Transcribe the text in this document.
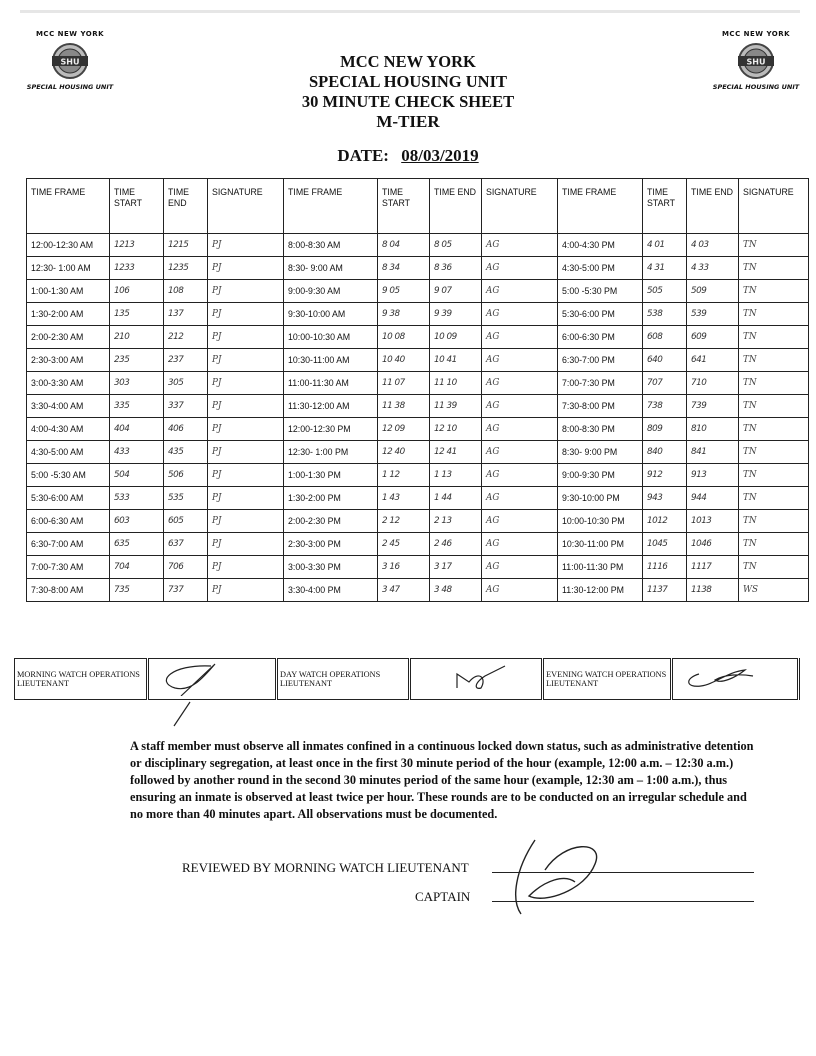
MCC NEW YORK
SHU
SPECIAL HOUSING UNIT
MCC NEW YORK
SHU
SPECIAL HOUSING UNIT
MCC NEW YORK
SPECIAL HOUSING UNIT
30 MINUTE CHECK SHEET
M-TIER
DATE: 08/03/2019
TIME FRAME	TIME START	TIME END	SIGNATURE	TIME FRAME	TIME START	TIME END	SIGNATURE	TIME FRAME	TIME START	TIME END	SIGNATURE
12:00-12:30 AM	1213	1215	PJ	8:00-8:30 AM	8 04	8 05	AG	4:00-4:30 PM	4 01	4 03	TN
12:30- 1:00 AM	1233	1235	PJ	8:30- 9:00 AM	8 34	8 36	AG	4:30-5:00 PM	4 31	4 33	TN
1:00-1:30 AM	106	108	PJ	9:00-9:30 AM	9 05	9 07	AG	5:00 -5:30 PM	505	509	TN
1:30-2:00 AM	135	137	PJ	9:30-10:00 AM	9 38	9 39	AG	5:30-6:00 PM	538	539	TN
2:00-2:30 AM	210	212	PJ	10:00-10:30 AM	10 08	10 09	AG	6:00-6:30 PM	608	609	TN
2:30-3:00 AM	235	237	PJ	10:30-11:00 AM	10 40	10 41	AG	6:30-7:00 PM	640	641	TN
3:00-3:30 AM	303	305	PJ	11:00-11:30 AM	11 07	11 10	AG	7:00-7:30 PM	707	710	TN
3:30-4:00 AM	335	337	PJ	11:30-12:00 AM	11 38	11 39	AG	7:30-8:00 PM	738	739	TN
4:00-4:30 AM	404	406	PJ	12:00-12:30 PM	12 09	12 10	AG	8:00-8:30 PM	809	810	TN
4:30-5:00 AM	433	435	PJ	12:30- 1:00 PM	12 40	12 41	AG	8:30- 9:00 PM	840	841	TN
5:00 -5:30 AM	504	506	PJ	1:00-1:30 PM	1 12	1 13	AG	9:00-9:30 PM	912	913	TN
5:30-6:00 AM	533	535	PJ	1:30-2:00 PM	1 43	1 44	AG	9:30-10:00 PM	943	944	TN
6:00-6:30 AM	603	605	PJ	2:00-2:30 PM	2 12	2 13	AG	10:00-10:30 PM	1012	1013	TN
6:30-7:00 AM	635	637	PJ	2:30-3:00 PM	2 45	2 46	AG	10:30-11:00 PM	1045	1046	TN
7:00-7:30 AM	704	706	PJ	3:00-3:30 PM	3 16	3 17	AG	11:00-11:30 PM	1116	1117	TN
7:30-8:00 AM	735	737	PJ	3:30-4:00 PM	3 47	3 48	AG	11:30-12:00 PM	1137	1138	WS
MORNING WATCH OPERATIONS LIEUTENANT		DAY WATCH OPERATIONS LIEUTENANT		EVENING WATCH OPERATIONS LIEUTENANT	
A staff member must observe all inmates confined in a continuous locked down status, such as administrative detention or disciplinary segregation, at least once in the first 30 minute period of the hour (example, 12:00 a.m. – 12:30 a.m.) followed by another round in the second 30 minutes period of the same hour (example, 12:30 am – 1:00 a.m.), thus ensuring an inmate is observed at least twice per hour. These rounds are to be conducted on an irregular schedule and no more than 40 minutes apart. All observations must be documented.
REVIEWED BY MORNING WATCH LIEUTENANT
CAPTAIN
